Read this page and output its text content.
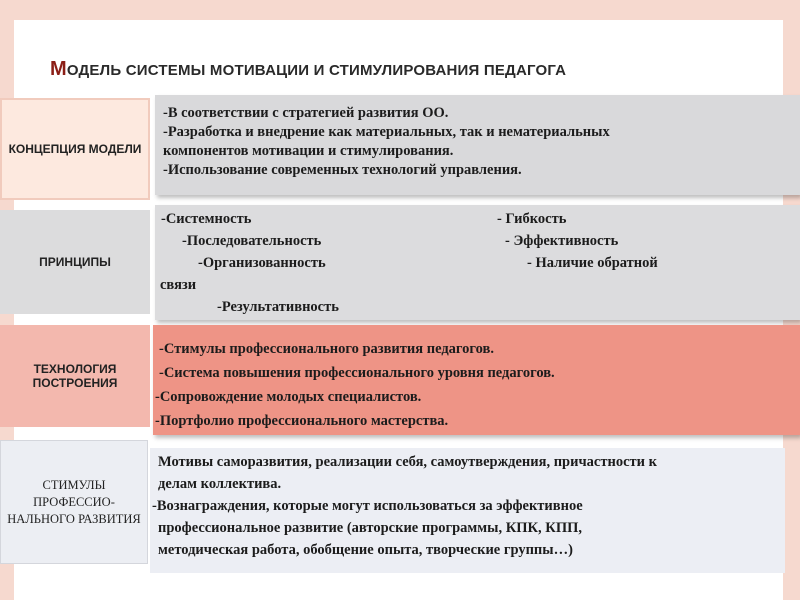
МОДЕЛЬ СИСТЕМЫ МОТИВАЦИИ И СТИМУЛИРОВАНИЯ ПЕДАГОГА
КОНЦЕПЦИЯ МОДЕЛИ
-В соответствии с стратегией развития ОО.
-Разработка и внедрение как материальных, так и нематериальных
компонентов мотивации и стимулирования.
-Использование современных технологий управления.
ПРИНЦИПЫ
-Системность	- Гибкость
-Последовательность	- Эффективность
-Организованность	- Наличие обратной
связи
-Результативность
ТЕХНОЛОГИЯ ПОСТРОЕНИЯ
-Стимулы профессионального развития педагогов.
-Система повышения профессионального уровня педагогов.
-Сопровождение молодых специалистов.
-Портфолио профессионального мастерства.
СТИМУЛЫ ПРОФЕССИО-НАЛЬНОГО РАЗВИТИЯ
Мотивы саморазвития, реализации себя, самоутверждения, причастности к
делам коллектива.
-Вознаграждения, которые могут использоваться за эффективное
профессиональное развитие (авторские программы, КПК, КПП,
методическая работа, обобщение опыта, творческие группы…)
